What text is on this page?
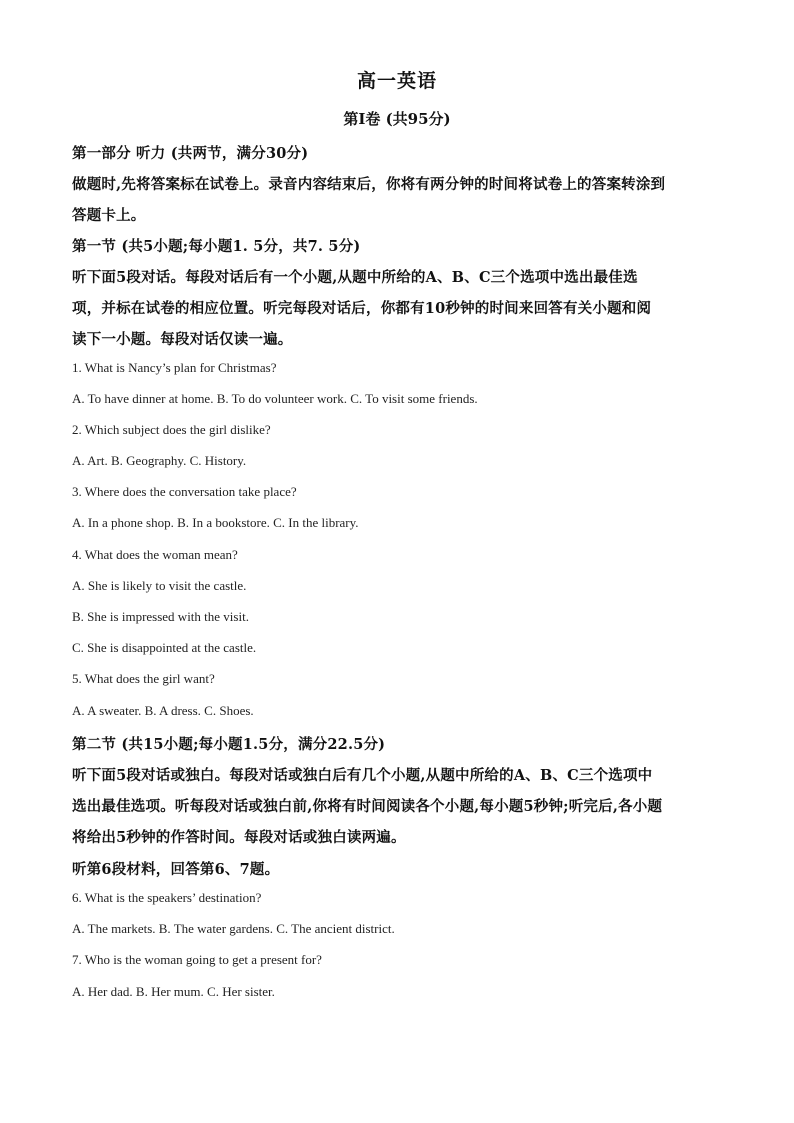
高一英语
第Ⅰ卷 (共95分)
第一部分 听力 (共两节，满分30分)
做题时,先将答案标在试卷上。录音内容结束后，你将有两分钟的时间将试卷上的答案转涂到
答题卡上。
第一节 (共5小题;每小题1. 5分，共7. 5分)
听下面5段对话。每段对话后有一个小题,从题中所给的A、B、C三个选项中选出最佳选
项，并标在试卷的相应位置。听完每段对话后，你都有10秒钟的时间来回答有关小题和阅
读下一小题。每段对话仅读一遍。
1. What is Nancy’s plan for Christmas?
A. To have dinner at home. B. To do volunteer work. C. To visit some friends.
2. Which subject does the girl dislike?
A. Art. B. Geography. C. History.
3. Where does the conversation take place?
A. In a phone shop. B. In a bookstore. C. In the library.
4. What does the woman mean?
A. She is likely to visit the castle.
B. She is impressed with the visit.
C. She is disappointed at the castle.
5. What does the girl want?
A. A sweater. B. A dress. C. Shoes.
第二节 (共15小题;每小题1.5分，满分22.5分)
听下面5段对话或独白。每段对话或独白后有几个小题,从题中所给的A、B、C三个选项中
选出最佳选项。听每段对话或独白前,你将有时间阅读各个小题,每小题5秒钟;听完后,各小题
将给出5秒钟的作答时间。每段对话或独白读两遍。
听第6段材料，回答第6、7题。
6. What is the speakers’ destination?
A. The markets. B. The water gardens. C. The ancient district.
7. Who is the woman going to get a present for?
A. Her dad. B. Her mum. C. Her sister.
